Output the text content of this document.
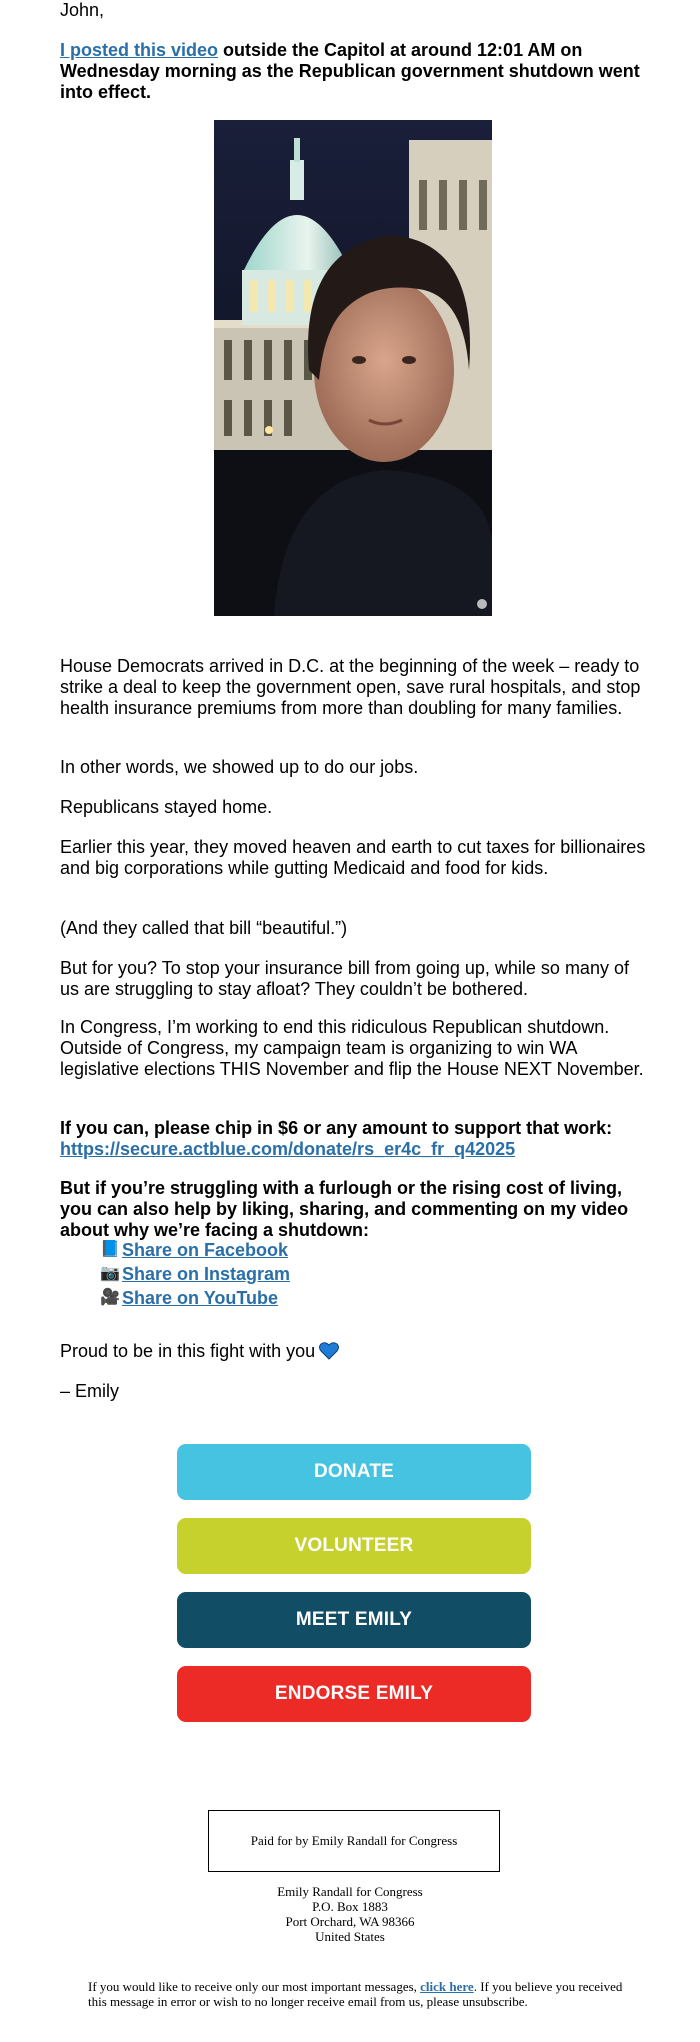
John,

I posted this video outside the Capitol at around 12:01 AM on Wednesday morning as the Republican government shutdown went into effect.

House Democrats arrived in D.C. at the beginning of the week – ready to strike a deal to keep the government open, save rural hospitals, and stop health insurance premiums from more than doubling for many families.

In other words, we showed up to do our jobs.

Republicans stayed home.

Earlier this year, they moved heaven and earth to cut taxes for billionaires and big corporations while gutting Medicaid and food for kids.

(And they called that bill “beautiful.”)

But for you? To stop your insurance bill from going up, while so many of us are struggling to stay afloat? They couldn’t be bothered.

In Congress, I’m working to end this ridiculous Republican shutdown. Outside of Congress, my campaign team is organizing to win WA legislative elections THIS November and flip the House NEXT November.

If you can, please chip in $6 or any amount to support that work: https://secure.actblue.com/donate/rs_er4c_fr_q42025

But if you’re struggling with a furlough or the rising cost of living, you can also help by liking, sharing, and commenting on my video about why we’re facing a shutdown:

📘 Share on Facebook
📷 Share on Instagram
🎥 Share on YouTube

Proud to be in this fight with you

– Emily

DONATE
VOLUNTEER
MEET EMILY
ENDORSE EMILY
Paid for by Emily Randall for Congress
Emily Randall for Congress
P.O. Box 1883
Port Orchard, WA 98366
United States

If you would like to receive only our most important messages, click here. If you believe you received this message in error or wish to no longer receive email from us, please unsubscribe.
